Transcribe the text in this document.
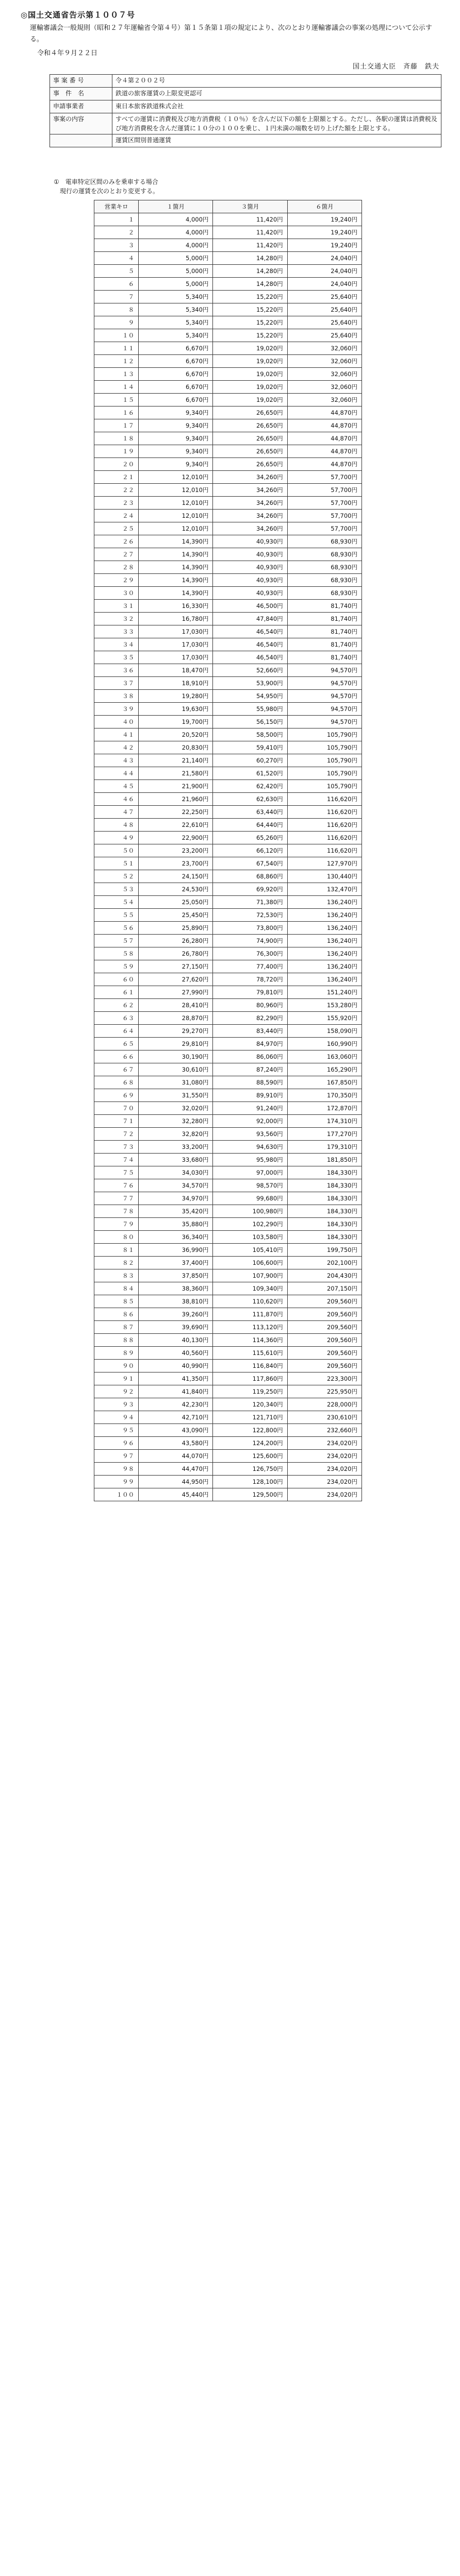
◎国土交通省告示第１００７号
運輸審議会一般規則（昭和２７年運輸省令第４号）第１５条第１項の規定により、次のとおり運輸審議会の事案の処理について公示する。
令和４年９月２２日
国土交通大臣　斉藤　鉄夫
事 案 番 号	令４第２００２号
事　件　名	鉄道の旅客運賃の上限変更認可
申請事業者	東日本旅客鉄道株式会社
事案の内容	すべての運賃に消費税及び地方消費税（１０％）を含んだ以下の額を上限額とする。ただし、各駅の運賃は消費税及び地方消費税を含んだ運賃に１０分の１００を乗じ、１円未満の端数を切り上げた額を上限とする。
	運賃区間別普通運賃
①　電車特定区間のみを乗車する場合
　現行の運賃を次のとおり変更する。
営業キロ	１箇月	３箇月	６箇月
１	4,000円	11,420円	19,240円
２	4,000円	11,420円	19,240円
３	4,000円	11,420円	19,240円
４	5,000円	14,280円	24,040円
５	5,000円	14,280円	24,040円
６	5,000円	14,280円	24,040円
７	5,340円	15,220円	25,640円
８	5,340円	15,220円	25,640円
９	5,340円	15,220円	25,640円
１０	5,340円	15,220円	25,640円
１１	6,670円	19,020円	32,060円
１２	6,670円	19,020円	32,060円
１３	6,670円	19,020円	32,060円
１４	6,670円	19,020円	32,060円
１５	6,670円	19,020円	32,060円
１６	9,340円	26,650円	44,870円
１７	9,340円	26,650円	44,870円
１８	9,340円	26,650円	44,870円
１９	9,340円	26,650円	44,870円
２０	9,340円	26,650円	44,870円
２１	12,010円	34,260円	57,700円
２２	12,010円	34,260円	57,700円
２３	12,010円	34,260円	57,700円
２４	12,010円	34,260円	57,700円
２５	12,010円	34,260円	57,700円
２６	14,390円	40,930円	68,930円
２７	14,390円	40,930円	68,930円
２８	14,390円	40,930円	68,930円
２９	14,390円	40,930円	68,930円
３０	14,390円	40,930円	68,930円
３１	16,330円	46,500円	81,740円
３２	16,780円	47,840円	81,740円
３３	17,030円	46,540円	81,740円
３４	17,030円	46,540円	81,740円
３５	17,030円	46,540円	81,740円
３６	18,470円	52,660円	94,570円
３７	18,910円	53,900円	94,570円
３８	19,280円	54,950円	94,570円
３９	19,630円	55,980円	94,570円
４０	19,700円	56,150円	94,570円
４１	20,520円	58,500円	105,790円
４２	20,830円	59,410円	105,790円
４３	21,140円	60,270円	105,790円
４４	21,580円	61,520円	105,790円
４５	21,900円	62,420円	105,790円
４６	21,960円	62,630円	116,620円
４７	22,250円	63,440円	116,620円
４８	22,610円	64,440円	116,620円
４９	22,900円	65,260円	116,620円
５０	23,200円	66,120円	116,620円
５１	23,700円	67,540円	127,970円
５２	24,150円	68,860円	130,440円
５３	24,530円	69,920円	132,470円
５４	25,050円	71,380円	136,240円
５５	25,450円	72,530円	136,240円
５６	25,890円	73,800円	136,240円
５７	26,280円	74,900円	136,240円
５８	26,780円	76,300円	136,240円
５９	27,150円	77,400円	136,240円
６０	27,620円	78,720円	136,240円
６１	27,990円	79,810円	151,240円
６２	28,410円	80,960円	153,280円
６３	28,870円	82,290円	155,920円
６４	29,270円	83,440円	158,090円
６５	29,810円	84,970円	160,990円
６６	30,190円	86,060円	163,060円
６７	30,610円	87,240円	165,290円
６８	31,080円	88,590円	167,850円
６９	31,550円	89,910円	170,350円
７０	32,020円	91,240円	172,870円
７１	32,280円	92,000円	174,310円
７２	32,820円	93,560円	177,270円
７３	33,200円	94,630円	179,310円
７４	33,680円	95,980円	181,850円
７５	34,030円	97,000円	184,330円
７６	34,570円	98,570円	184,330円
７７	34,970円	99,680円	184,330円
７８	35,420円	100,980円	184,330円
７９	35,880円	102,290円	184,330円
８０	36,340円	103,580円	184,330円
８１	36,990円	105,410円	199,750円
８２	37,400円	106,600円	202,100円
８３	37,850円	107,900円	204,430円
８４	38,360円	109,340円	207,150円
８５	38,810円	110,620円	209,560円
８６	39,260円	111,870円	209,560円
８７	39,690円	113,120円	209,560円
８８	40,130円	114,360円	209,560円
８９	40,560円	115,610円	209,560円
９０	40,990円	116,840円	209,560円
９１	41,350円	117,860円	223,300円
９２	41,840円	119,250円	225,950円
９３	42,230円	120,340円	228,000円
９４	42,710円	121,710円	230,610円
９５	43,090円	122,800円	232,660円
９６	43,580円	124,200円	234,020円
９７	44,070円	125,600円	234,020円
９８	44,470円	126,750円	234,020円
９９	44,950円	128,100円	234,020円
１００	45,440円	129,500円	234,020円
